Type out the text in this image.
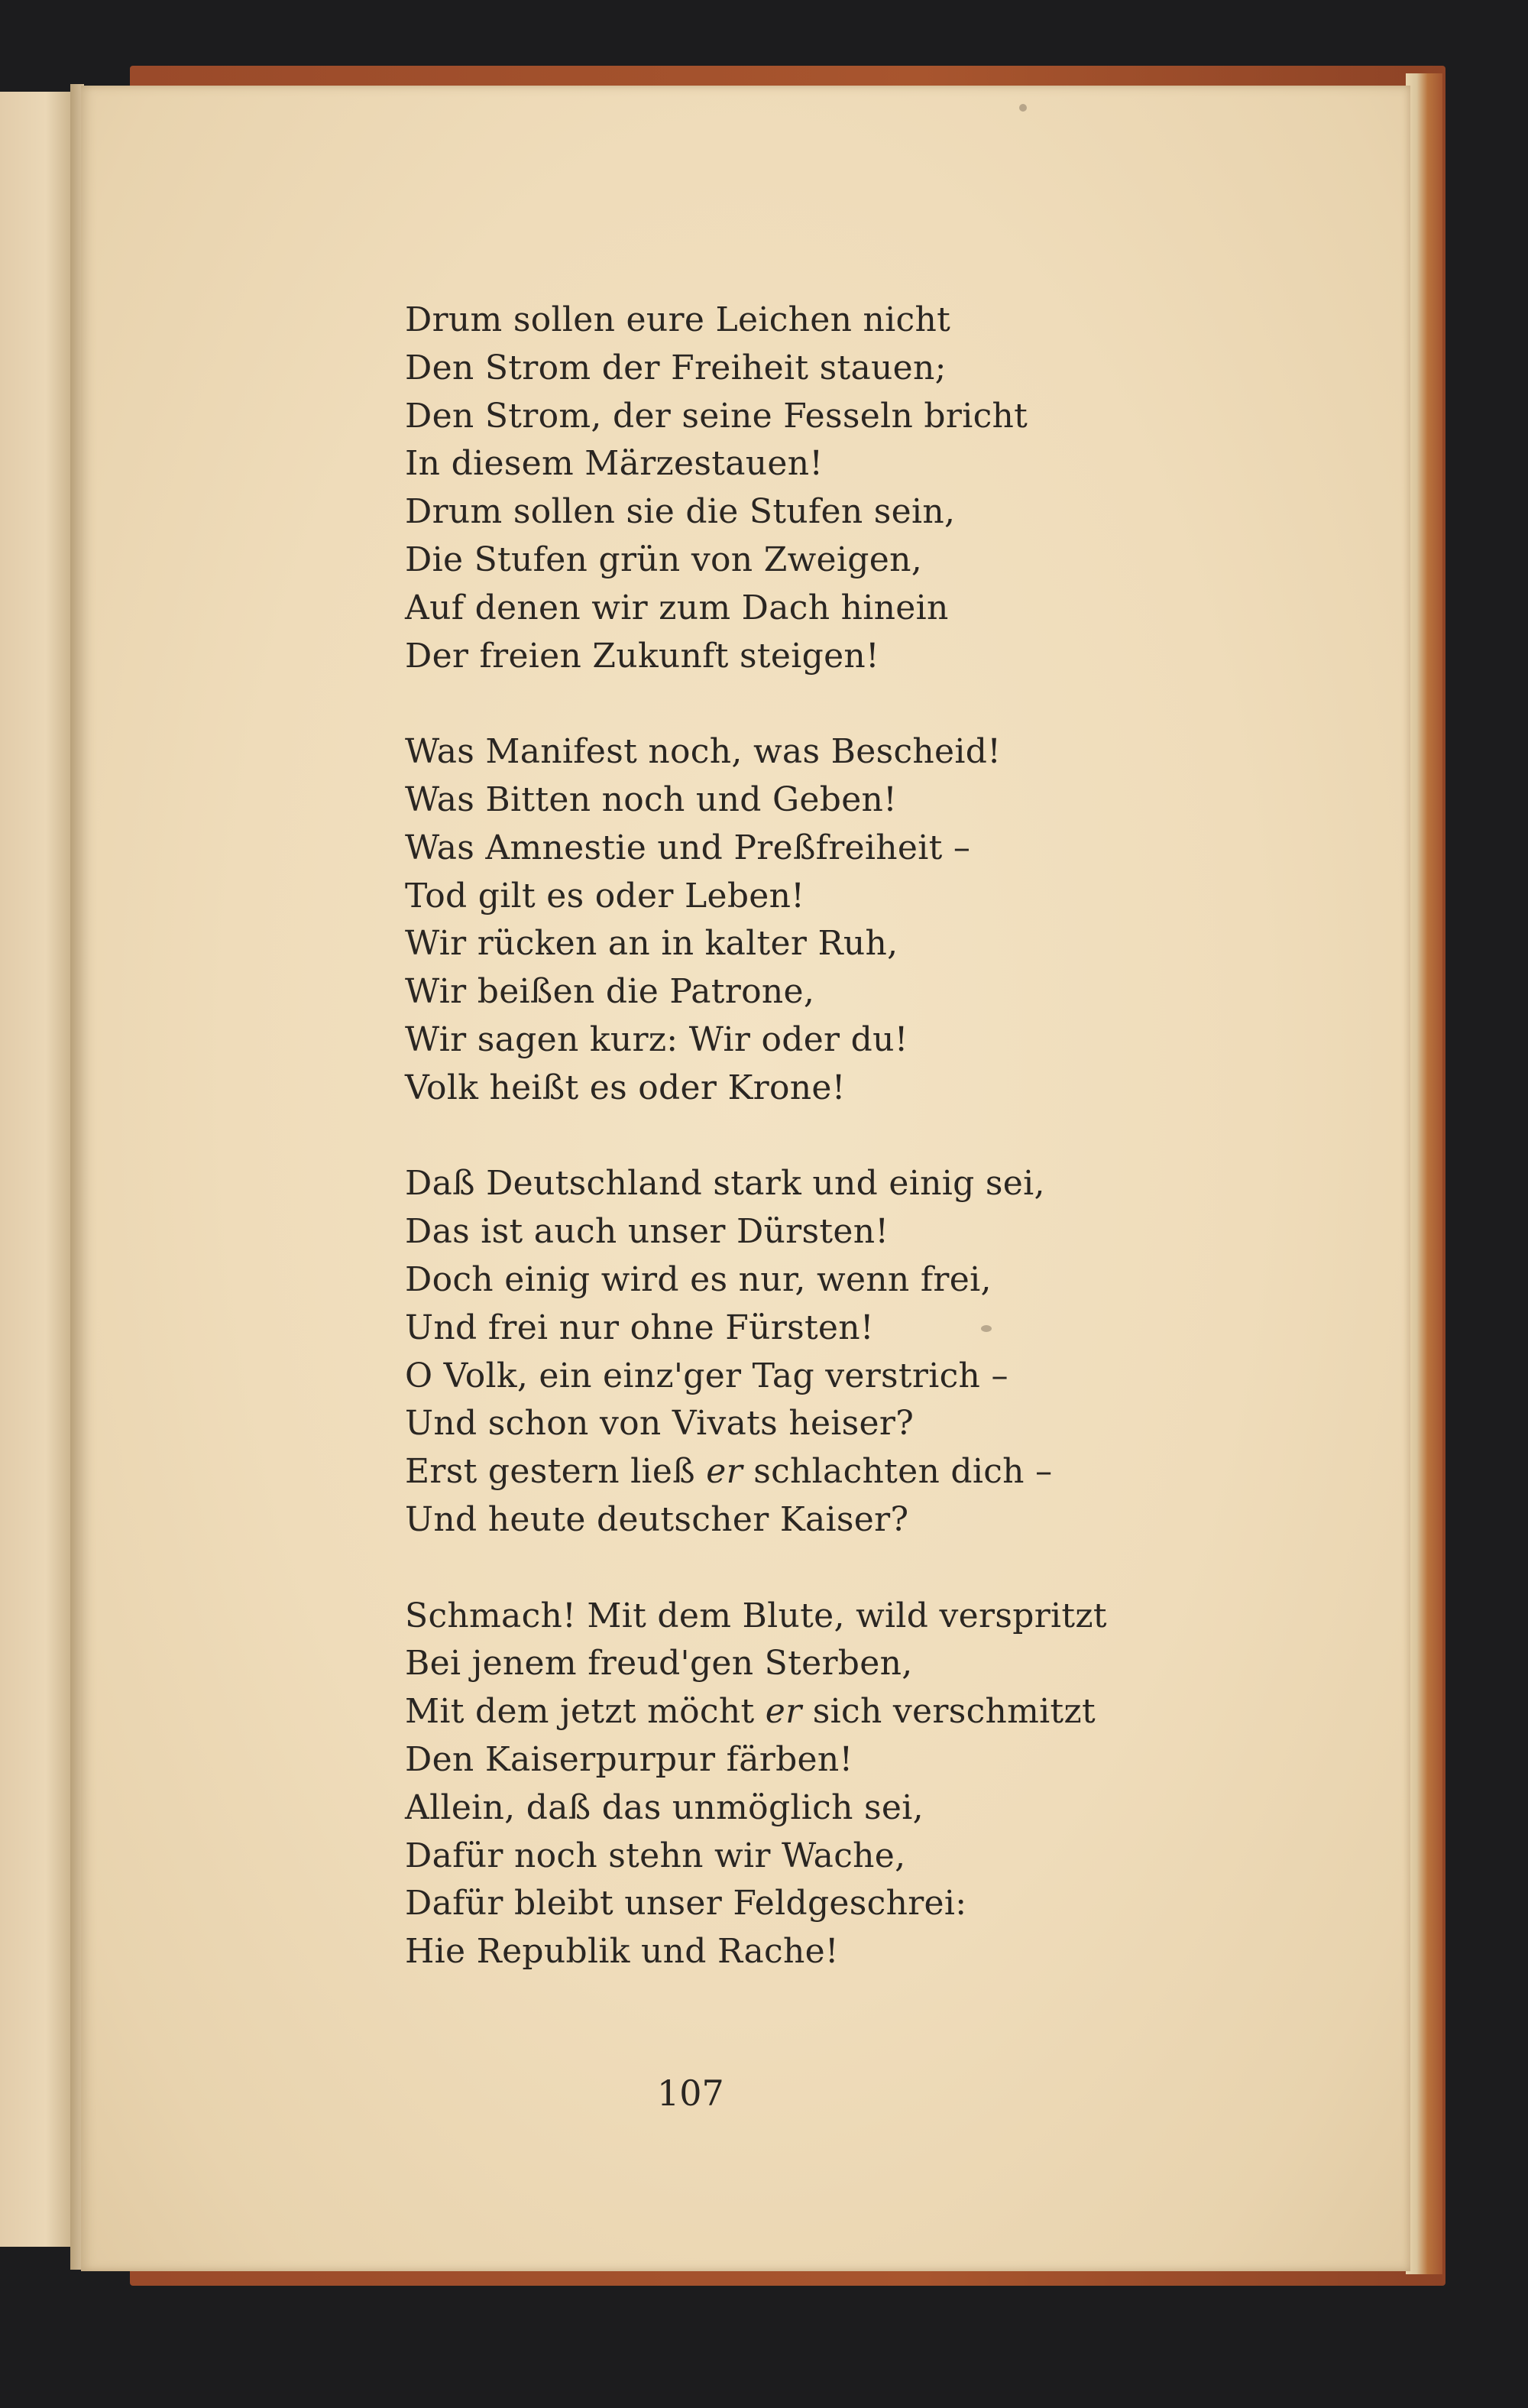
Drum sollen eure Leichen nicht
Den Strom der Freiheit stauen;
Den Strom, der seine Fesseln bricht
In diesem Märzestauen!
Drum sollen sie die Stufen sein,
Die Stufen grün von Zweigen,
Auf denen wir zum Dach hinein
Der freien Zukunft steigen!
Was Manifest noch, was Bescheid!
Was Bitten noch und Geben!
Was Amnestie und Preßfreiheit –
Tod gilt es oder Leben!
Wir rücken an in kalter Ruh,
Wir beißen die Patrone,
Wir sagen kurz: Wir oder du!
Volk heißt es oder Krone!
Daß Deutschland stark und einig sei,
Das ist auch unser Dürsten!
Doch einig wird es nur, wenn frei,
Und frei nur ohne Fürsten!
O Volk, ein einz'ger Tag verstrich –
Und schon von Vivats heiser?
Erst gestern ließ er schlachten dich –
Und heute deutscher Kaiser?
Schmach! Mit dem Blute, wild verspritzt
Bei jenem freud'gen Sterben,
Mit dem jetzt möcht er sich verschmitzt
Den Kaiserpurpur färben!
Allein, daß das unmöglich sei,
Dafür noch stehn wir Wache,
Dafür bleibt unser Feldgeschrei:
Hie Republik und Rache!
107
